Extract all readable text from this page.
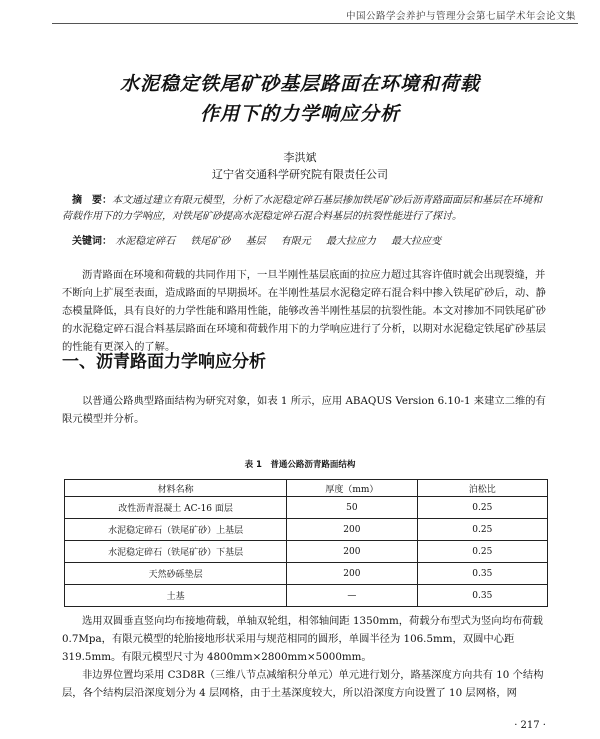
中国公路学会养护与管理分会第七届学术年会论文集
水泥稳定铁尾矿砂基层路面在环境和荷载
作用下的力学响应分析
李洪斌
辽宁省交通科学研究院有限责任公司
摘　要：本文通过建立有限元模型，分析了水泥稳定碎石基层掺加铁尾矿砂后沥青路面面层和基层在环境和荷载作用下的力学响应，对铁尾矿砂提高水泥稳定碎石混合料基层的抗裂性能进行了探讨。
关键词： 水泥稳定碎石 铁尾矿砂 基层 有限元 最大拉应力 最大拉应变
沥青路面在环境和荷载的共同作用下，一旦半刚性基层底面的拉应力超过其容许值时就会出现裂缝，并不断向上扩展至表面，造成路面的早期损坏。在半刚性基层水泥稳定碎石混合料中掺入铁尾矿砂后，动、静态模量降低，具有良好的力学性能和路用性能，能够改善半刚性基层的抗裂性能。本文对掺加不同铁尾矿砂的水泥稳定碎石混合料基层路面在环境和荷载作用下的力学响应进行了分析，以期对水泥稳定铁尾矿砂基层的性能有更深入的了解。
一、沥青路面力学响应分析
以普通公路典型路面结构为研究对象，如表 1 所示，应用 ABAQUS Version 6.10-1 来建立二维的有限元模型并分析。
表 1　普通公路沥青路面结构
材料名称	厚度（mm）	泊松比
改性沥青混凝土 AC-16 面层	50	0.25
水泥稳定碎石（铁尾矿砂）上基层	200	0.25
水泥稳定碎石（铁尾矿砂）下基层	200	0.25
天然砂砾垫层	200	0.35
土基	—	0.35
选用双圆垂直竖向均布接地荷载，单轴双轮组，相邻轴间距 1350mm，荷载分布型式为竖向均布荷载 0.7Mpa，有限元模型的轮胎接地形状采用与规范相同的圆形，单圆半径为 106.5mm，双圆中心距 319.5mm。有限元模型尺寸为 4800mm×2800mm×5000mm。
非边界位置均采用 C3D8R（三维八节点减缩积分单元）单元进行划分，路基深度方向共有 10 个结构层，各个结构层沿深度划分为 4 层网格，由于土基深度较大，所以沿深度方向设置了 10 层网格，网
· 217 ·
